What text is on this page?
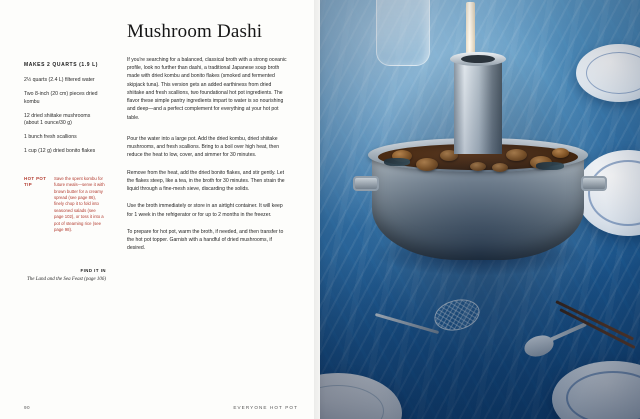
MAKES 2 QUARTS (1.9 L)
2½ quarts (2.4 L) filtered water
Two 8-inch (20 cm) pieces dried kombu
12 dried shiitake mushrooms (about 1 ounce/30 g)
1 bunch fresh scallions
1 cup (12 g) dried bonito flakes
HOT POT TIP
Save the spent kombu for future meals—serve it with brown butter for a creamy spread (see page 86), finely chop it to fold into seasoned salads (see page 102), or toss it into a pot of steaming rice (see page 98).
FIND IT IN
The Land and the Sea Feast (page 106)
Mushroom Dashi

If you're searching for a balanced, classical broth with a strong oceanic profile, look no further than dashi, a traditional Japanese soup broth made with dried kombu and bonito flakes (smoked and fermented skipjack tuna). This version gets an added earthiness from dried shiitake and fresh scallions, two foundational hot pot ingredients. The flavor these simple pantry ingredients impart to water is so nourishing and deep—and a perfect complement for everything at your hot pot table.

Pour the water into a large pot. Add the dried kombu, dried shiitake mushrooms, and fresh scallions. Bring to a boil over high heat, then reduce the heat to low, cover, and simmer for 30 minutes.

Remove from the heat, add the dried bonito flakes, and stir gently. Let the flakes steep, like a tea, in the broth for 30 minutes. Then strain the liquid through a fine-mesh sieve, discarding the solids.

Use the broth immediately or store in an airtight container. It will keep for 1 week in the refrigerator or for up to 2 months in the freezer.

To prepare for hot pot, warm the broth, if needed, and then transfer to the hot pot topper. Garnish with a handful of dried mushrooms, if desired.

90	EVERYONE HOT POT
